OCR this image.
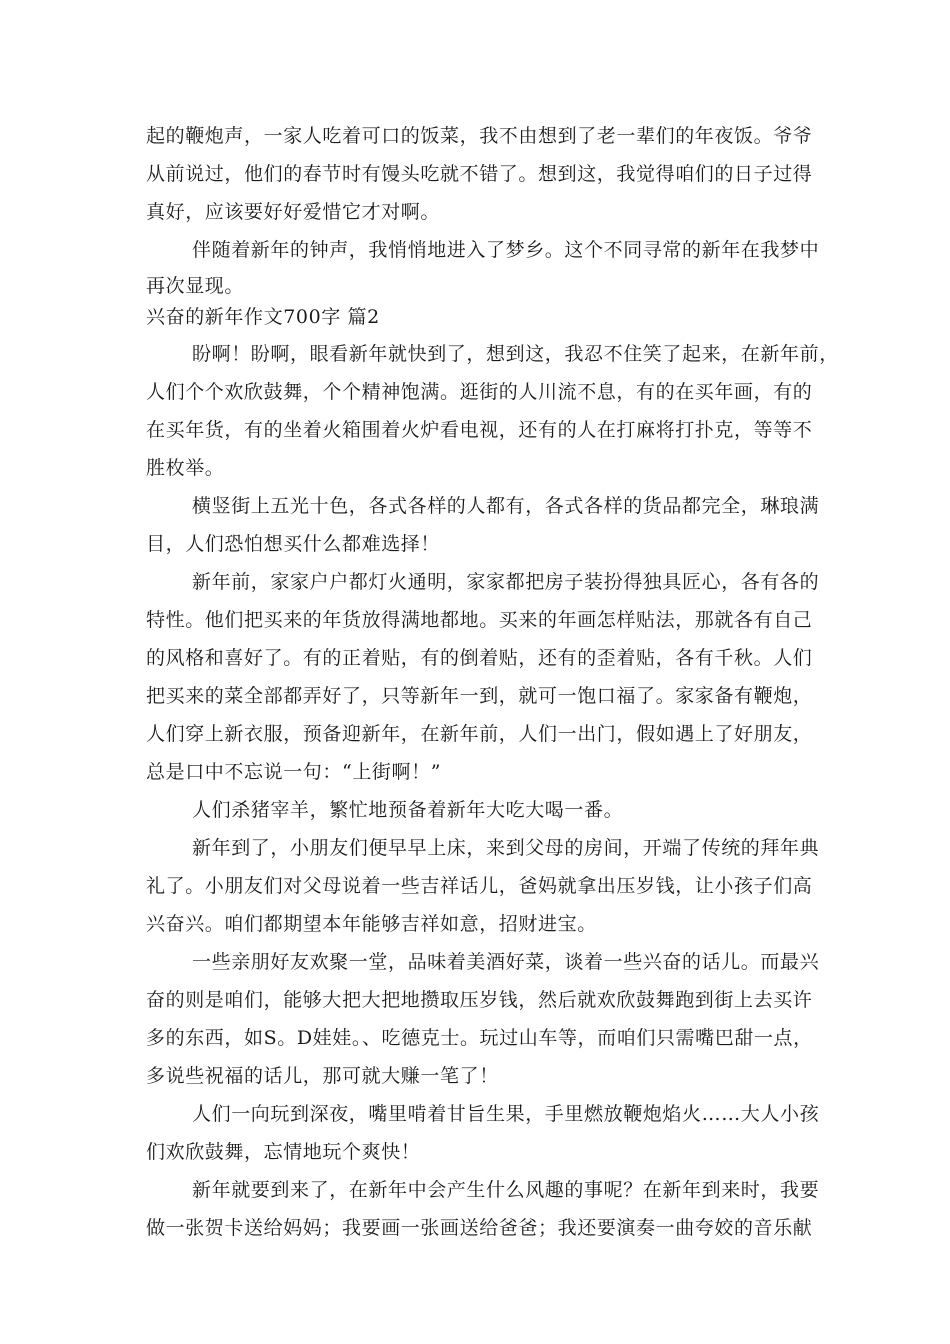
起的鞭炮声，一家人吃着可口的饭菜，我不由想到了老一辈们的年夜饭。爷爷
从前说过，他们的春节时有馒头吃就不错了。想到这，我觉得咱们的日子过得
真好，应该要好好爱惜它才对啊。
伴随着新年的钟声，我悄悄地进入了梦乡。这个不同寻常的新年在我梦中
再次显现。
兴奋的新年作文700字 篇2
盼啊！盼啊，眼看新年就快到了，想到这，我忍不住笑了起来，在新年前，
人们个个欢欣鼓舞，个个精神饱满。逛街的人川流不息，有的在买年画，有的
在买年货，有的坐着火箱围着火炉看电视，还有的人在打麻将打扑克，等等不
胜枚举。
横竖街上五光十色，各式各样的人都有，各式各样的货品都完全，琳琅满
目，人们恐怕想买什么都难选择！
新年前，家家户户都灯火通明，家家都把房子装扮得独具匠心，各有各的
特性。他们把买来的年货放得满地都地。买来的年画怎样贴法，那就各有自己
的风格和喜好了。有的正着贴，有的倒着贴，还有的歪着贴，各有千秋。人们
把买来的菜全部都弄好了，只等新年一到，就可一饱口福了。家家备有鞭炮，
人们穿上新衣服，预备迎新年，在新年前，人们一出门，假如遇上了好朋友，
总是口中不忘说一句：“上街啊！”
人们杀猪宰羊，繁忙地预备着新年大吃大喝一番。
新年到了，小朋友们便早早上床，来到父母的房间，开端了传统的拜年典
礼了。小朋友们对父母说着一些吉祥话儿，爸妈就拿出压岁钱，让小孩子们高
兴奋兴。咱们都期望本年能够吉祥如意，招财进宝。
一些亲朋好友欢聚一堂，品味着美酒好菜，谈着一些兴奋的话儿。而最兴
奋的则是咱们，能够大把大把地攒取压岁钱，然后就欢欣鼓舞跑到街上去买许
多的东西，如S。D娃娃。、吃德克士。玩过山车等，而咱们只需嘴巴甜一点，
多说些祝福的话儿，那可就大赚一笔了！
人们一向玩到深夜，嘴里啃着甘旨生果，手里燃放鞭炮焰火……大人小孩
们欢欣鼓舞，忘情地玩个爽快！
新年就要到来了，在新年中会产生什么风趣的事呢？在新年到来时，我要
做一张贺卡送给妈妈；我要画一张画送给爸爸；我还要演奏一曲夸姣的音乐献
